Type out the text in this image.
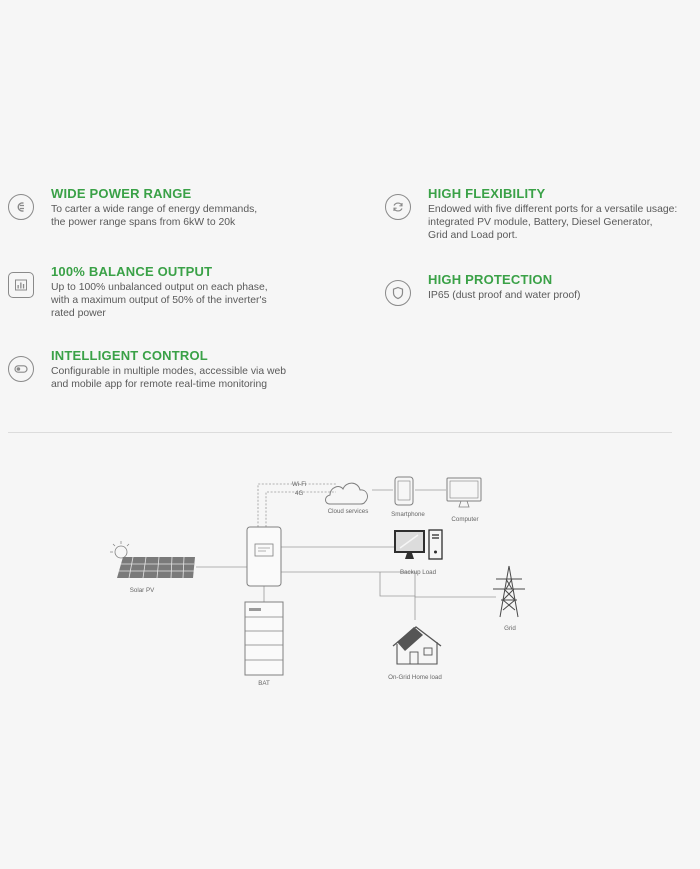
WIDE POWER RANGE
To carter a wide range of energy demmands,
the power range spans from 6kW to 20k
100% BALANCE OUTPUT
Up to 100% unbalanced output on each phase,
with a maximum output of 50% of the inverter's
rated power
INTELLIGENT CONTROL
Configurable in multiple modes, accessible via web
and mobile app for remote real-time monitoring
HIGH FLEXIBILITY
Endowed with five different ports for a versatile usage:
integrated PV module, Battery, Diesel Generator,
Grid and Load port.
HIGH PROTECTION
IP65 (dust proof and water proof)
Wi-Fi
4G
Cloud services	Smartphone
Computer
Solar PV
Backup Load
Grid
On-Grid Home load
BAT
